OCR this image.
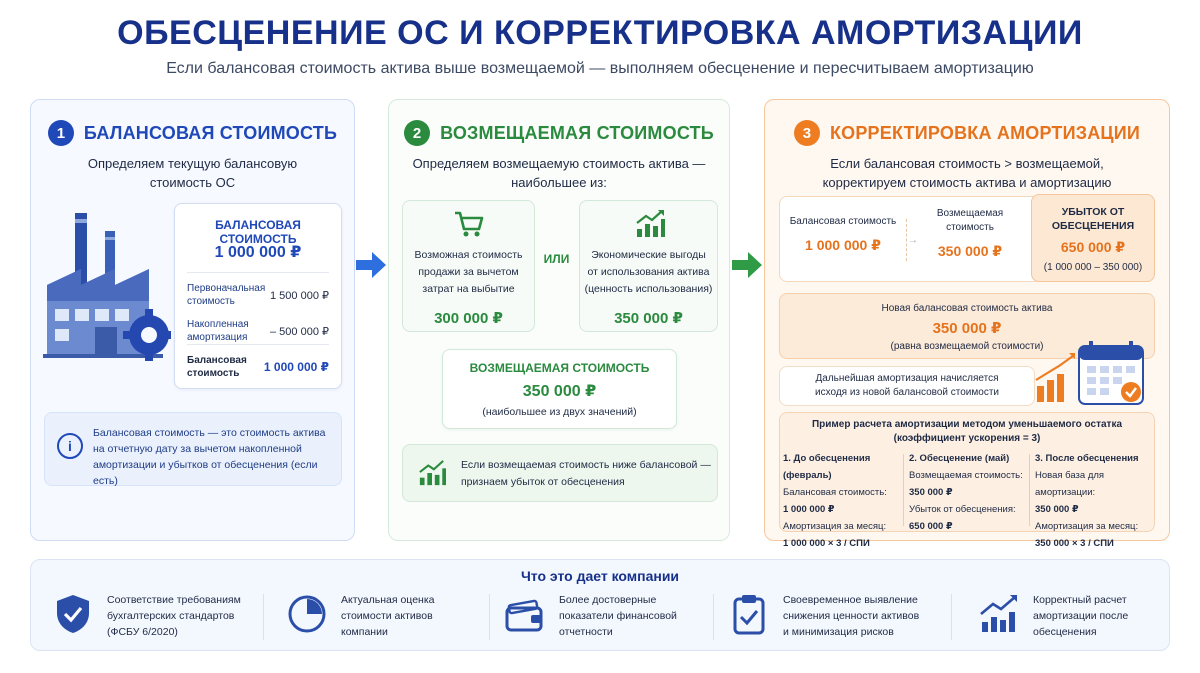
ОБЕСЦЕНЕНИЕ ОС И КОРРЕКТИРОВКА АМОРТИЗАЦИИ
Если балансовая стоимость актива выше возмещаемой — выполняем обесценение и пересчитываем амортизацию
1	БАЛАНСОВАЯ СТОИМОСТЬ
Определяем текущую балансовую
стоимость ОС
БАЛАНСОВАЯ СТОИМОСТЬ
1 000 000 ₽
Первоначальная
стоимость	1 500 000 ₽
Накопленная
амортизация – 500 000 ₽
Балансовая
стоимость	1 000 000 ₽
i
Балансовая стоимость — это стоимость актива
на отчетную дату за вычетом накопленной
амортизации и убытков от обесценения (если есть)
2	ВОЗМЕЩАЕМАЯ СТОИМОСТЬ
Определяем возмещаемую стоимость актива —
наибольшее из:
Возможная стоимость
продажи за вычетом
затрат на выбытие
300 000 ₽
ИЛИ	Экономические выгоды
от использования актива
(ценность использования)
350 000 ₽
ВОЗМЕЩАЕМАЯ СТОИМОСТЬ
350 000 ₽
(наибольшее из двух значений)
Если возмещаемая стоимость ниже балансовой —
признаем убыток от обесценения
3	КОРРЕКТИРОВКА АМОРТИЗАЦИИ
Если балансовая стоимость > возмещаемой,
корректируем стоимость актива и амортизацию
Балансовая стоимость
1 000 000 ₽	→
Возмещаемая
стоимость
350 000 ₽
УБЫТОК ОТ
ОБЕСЦЕНЕНИЯ
650 000 ₽
(1 000 000 – 350 000)
Новая балансовая стоимость актива
350 000 ₽
(равна возмещаемой стоимости)
Дальнейшая амортизация начисляется
исходя из новой балансовой стоимости
Пример расчета амортизации методом уменьшаемого остатка
(коэффициент ускорения = 3)
1. До обесценения (февраль)
Балансовая стоимость:
1 000 000 ₽
Амортизация за месяц:
1 000 000 × 3 / СПИ
2. Обесценение (май)
Возмещаемая стоимость:
350 000 ₽
Убыток от обесценения:
650 000 ₽
3. После обесценения
Новая база для амортизации:
350 000 ₽
Амортизация за месяц:
350 000 × 3 / СПИ
Что это дает компании
Соответствие требованиям
бухгалтерских стандартов
(ФСБУ 6/2020)
Актуальная оценка
стоимости активов
компании
Более достоверные
показатели финансовой
отчетности
Своевременное выявление
снижения ценности активов
и минимизация рисков
Корректный расчет
амортизации после
обесценения
